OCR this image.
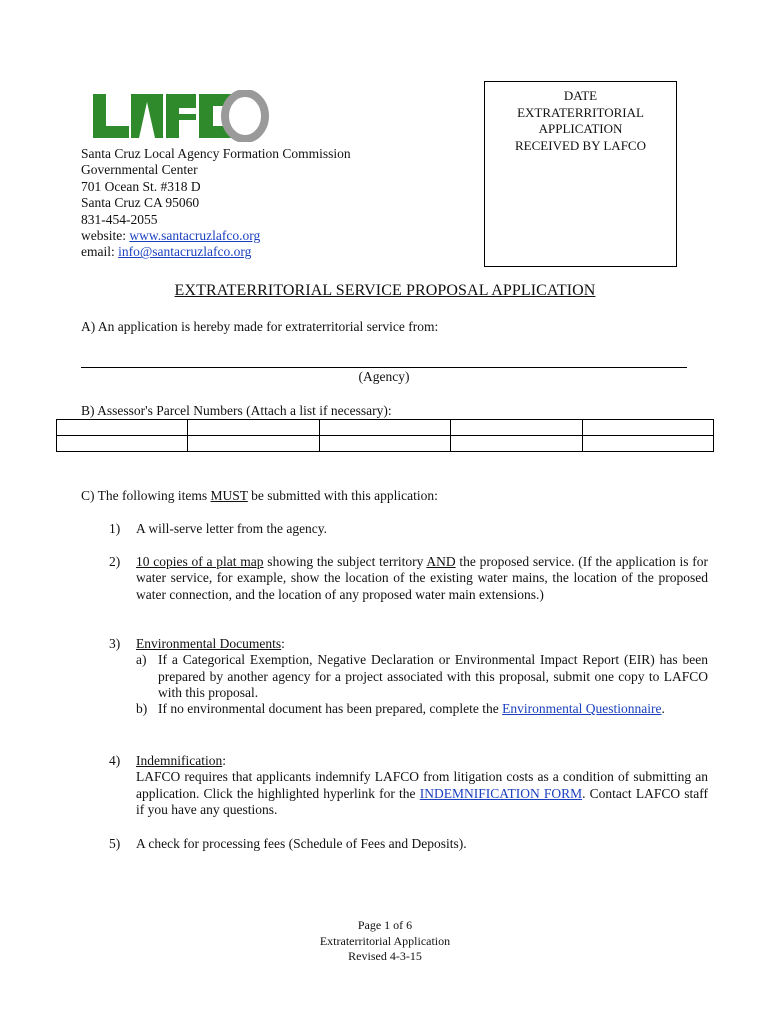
Santa Cruz Local Agency Formation Commission
Governmental Center
701 Ocean St. #318 D
Santa Cruz CA 95060
831-454-2055
website: www.santacruzlafco.org
email: info@santacruzlafco.org
DATE
EXTRATERRITORIAL
APPLICATION
RECEIVED BY LAFCO
EXTRATERRITORIAL SERVICE PROPOSAL APPLICATION
A) An application is hereby made for extraterritorial service from:
(Agency)
B) Assessor's Parcel Numbers (Attach a list if necessary):

C) The following items MUST be submitted with this application:
1) A will-serve letter from the agency.
2) 10 copies of a plat map showing the subject territory AND the proposed service. (If the application is for water service, for example, show the location of the existing water mains, the location of the proposed water connection, and the location of any proposed water main extensions.)
3) Environmental Documents:
a) If a Categorical Exemption, Negative Declaration or Environmental Impact Report (EIR) has been prepared by another agency for a project associated with this proposal, submit one copy to LAFCO with this proposal.
b) If no environmental document has been prepared, complete the Environmental Questionnaire.
4) Indemnification:
LAFCO requires that applicants indemnify LAFCO from litigation costs as a condition of submitting an application. Click the highlighted hyperlink for the INDEMNIFICATION FORM. Contact LAFCO staff if you have any questions.
5) A check for processing fees (Schedule of Fees and Deposits).
Page 1 of 6
Extraterritorial Application
Revised 4-3-15
